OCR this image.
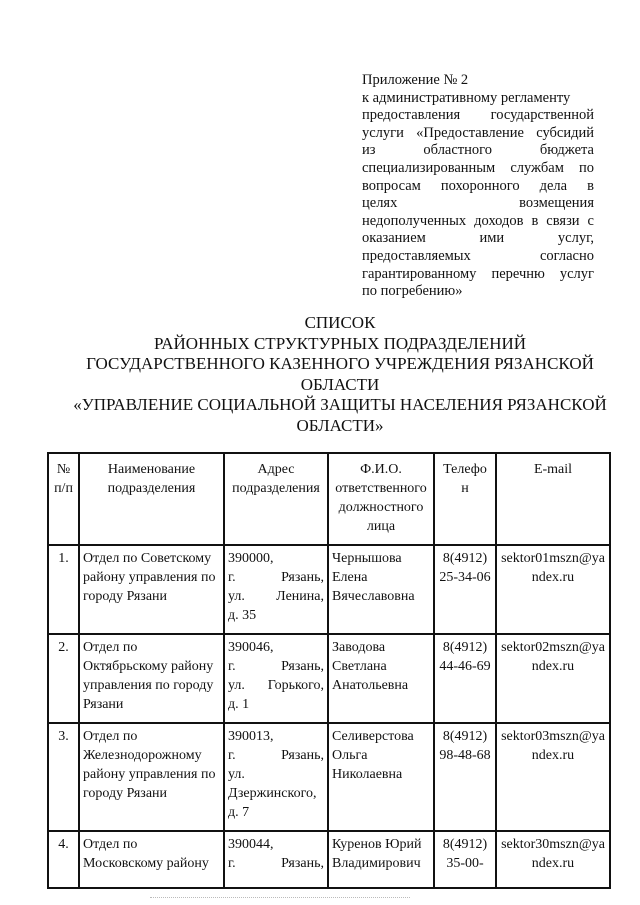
Приложение № 2
к административному регламенту
предоставления государственной
услуги «Предоставление субсидий
из областного бюджета
специализированным службам по
вопросам похоронного дела в
целях возмещения
недополученных доходов в связи с
оказанием ими услуг,
предоставляемых согласно
гарантированному перечню услуг
по погребению»
СПИСОК
РАЙОННЫХ СТРУКТУРНЫХ ПОДРАЗДЕЛЕНИЙ
ГОСУДАРСТВЕННОГО КАЗЕННОГО УЧРЕЖДЕНИЯ РЯЗАНСКОЙ
ОБЛАСТИ
«УПРАВЛЕНИЕ СОЦИАЛЬНОЙ ЗАЩИТЫ НАСЕЛЕНИЯ РЯЗАНСКОЙ
ОБЛАСТИ»
№ п/п	Наименование подразделения	Адрес подразделения	Ф.И.О. ответственного должностного лица	Телефо н	E-mail
1.	Отдел по Советскому району управления по городу Рязани	390000,
г. Рязань,
ул. Ленина,
д. 35	Чернышова Елена Вячеславовна	8(4912) 25-34-06	sektor01mszn@yandex.ru
2.	Отдел по Октябрьскому району управления по городу Рязани	390046,
г. Рязань,
ул. Горького,
д. 1	Заводова Светлана Анатольевна	8(4912) 44-46-69	sektor02mszn@yandex.ru
3.	Отдел по Железнодорожному району управления по городу Рязани	390013,
г. Рязань,
ул. Дзержинского, д. 7	Селиверстова Ольга Николаевна	8(4912) 98-48-68	sektor03mszn@yandex.ru

4.	Отдел по Московскому району	390044,
г. Рязань,	Куренов Юрий Владимирович	8(4912) 35-00-	sektor30mszn@yandex.ru
